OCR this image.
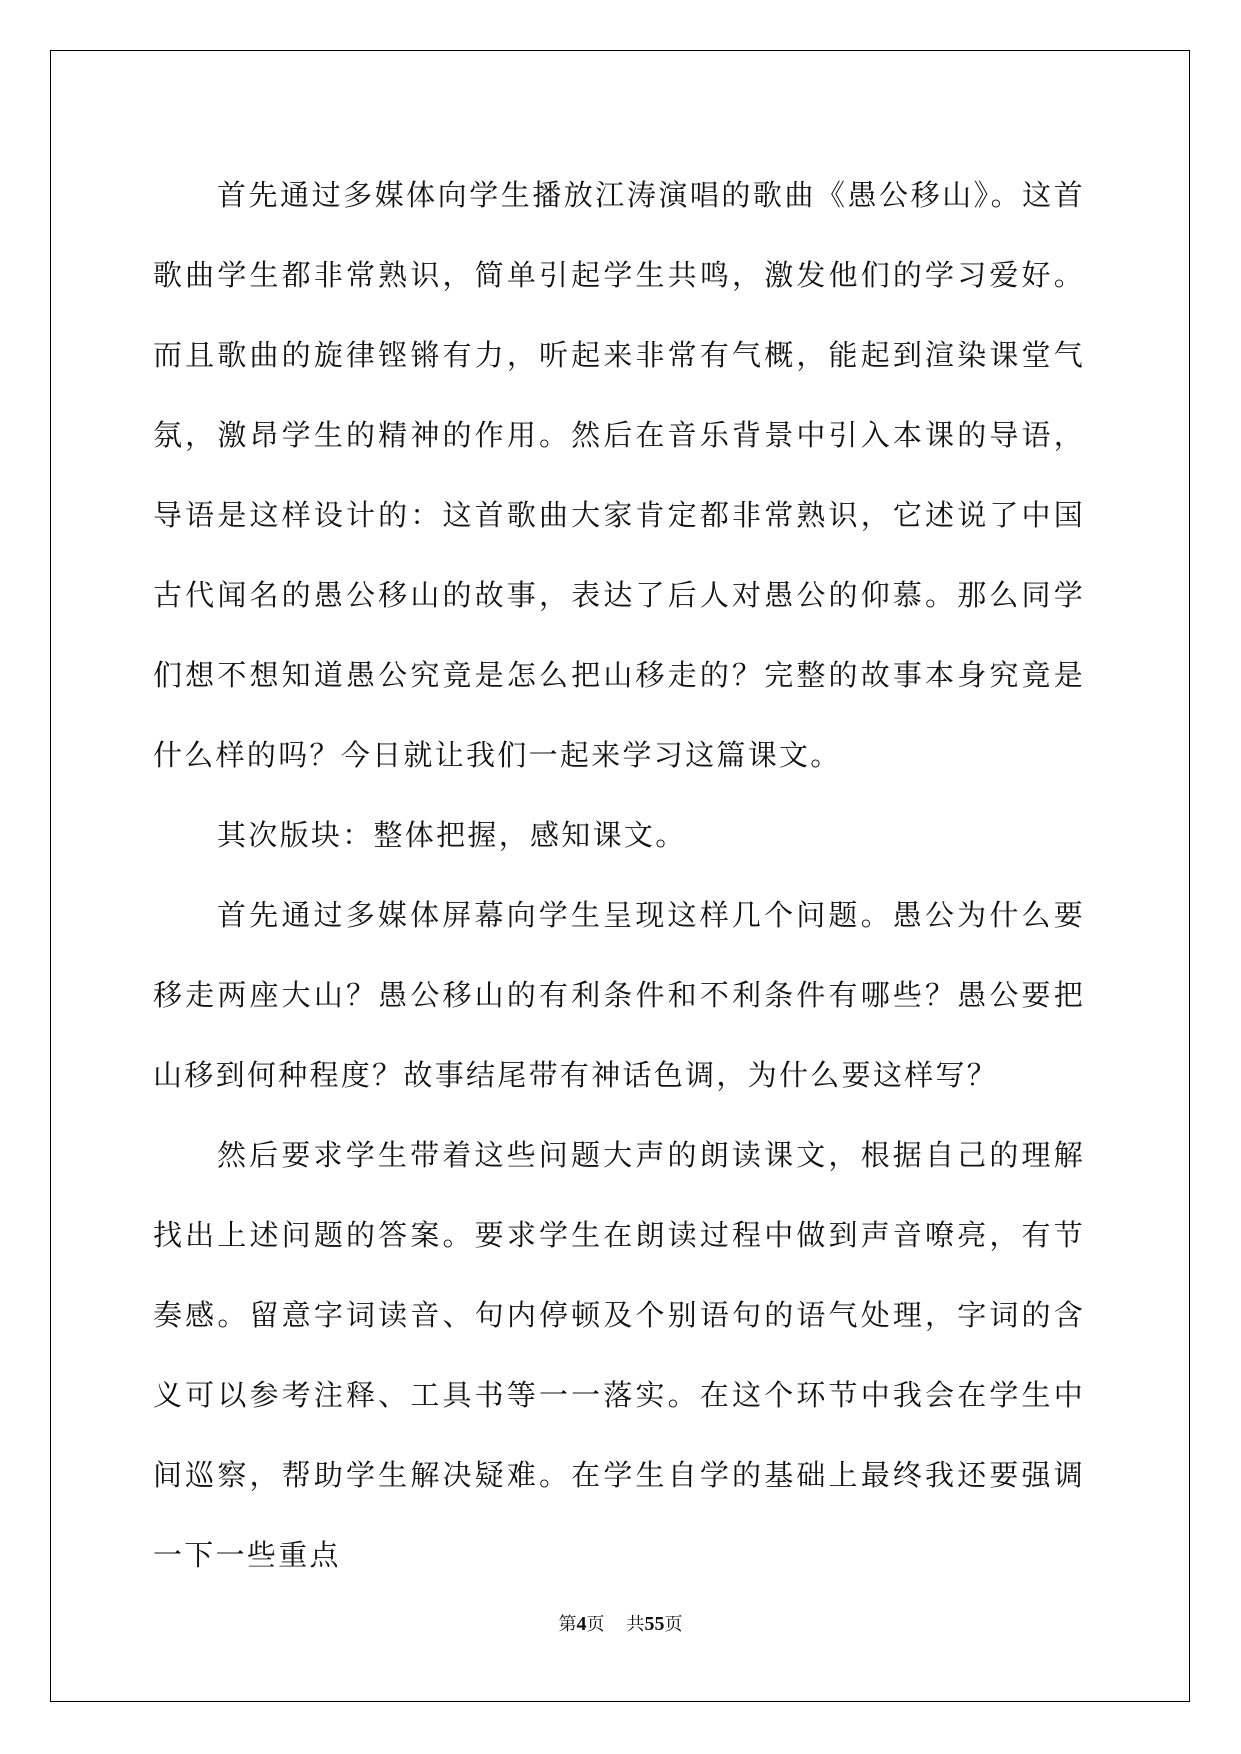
首先通过多媒体向学生播放江涛演唱的歌曲《愚公移山》。这首歌曲学生都非常熟识，简单引起学生共鸣，激发他们的学习爱好。而且歌曲的旋律铿锵有力，听起来非常有气概，能起到渲染课堂气氛，激昂学生的精神的作用。然后在音乐背景中引入本课的导语，导语是这样设计的：这首歌曲大家肯定都非常熟识，它述说了中国古代闻名的愚公移山的故事，表达了后人对愚公的仰慕。那么同学们想不想知道愚公究竟是怎么把山移走的？完整的故事本身究竟是什么样的吗？今日就让我们一起来学习这篇课文。

其次版块：整体把握，感知课文。

首先通过多媒体屏幕向学生呈现这样几个问题。愚公为什么要移走两座大山？愚公移山的有利条件和不利条件有哪些？愚公要把山移到何种程度？故事结尾带有神话色调，为什么要这样写？

然后要求学生带着这些问题大声的朗读课文，根据自己的理解找出上述问题的答案。要求学生在朗读过程中做到声音嘹亮，有节奏感。留意字词读音、句内停顿及个别语句的语气处理，字词的含义可以参考注释、工具书等一一落实。在这个环节中我会在学生中间巡察，帮助学生解决疑难。在学生自学的基础上最终我还要强调一下一些重点

第4页 共55页
